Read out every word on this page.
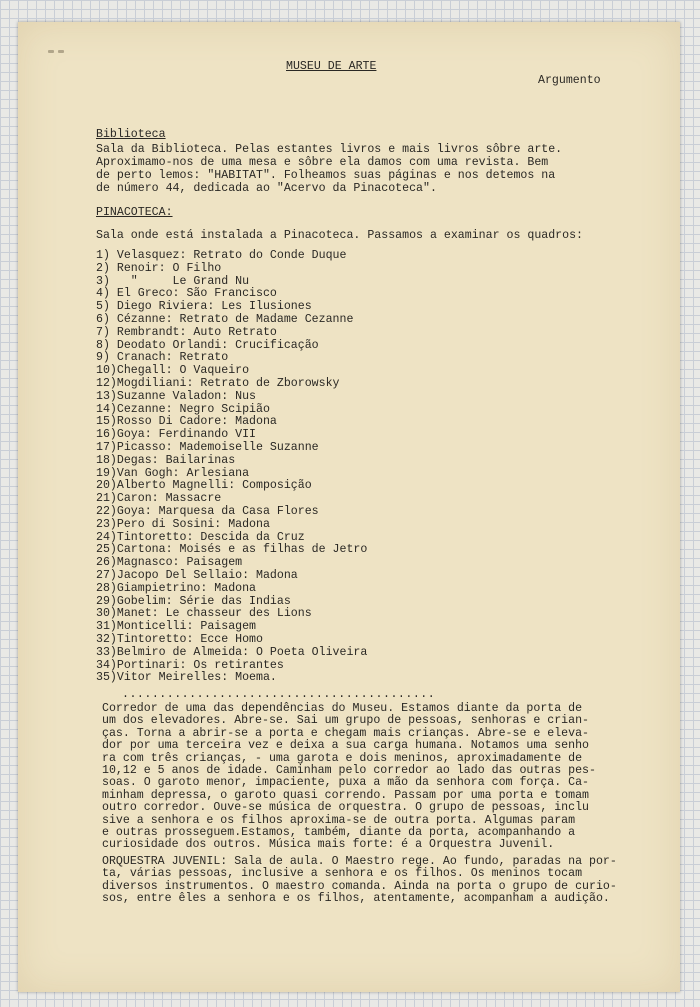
MUSEU DE ARTE
Argumento
Biblioteca
Sala da Biblioteca. Pelas estantes livros e mais livros sôbre arte.
Aproximamo-nos de uma mesa e sôbre ela damos com uma revista. Bem
de perto lemos: "HABITAT". Folheamos suas páginas e nos detemos na
de número 44, dedicada ao "Acervo da Pinacoteca".
PINACOTECA:
Sala onde está instalada a Pinacoteca. Passamos a examinar os quadros:
1) Velasquez: Retrato do Conde Duque
2) Renoir: O Filho
3)   "     Le Grand Nu
4) El Greco: São Francisco
5) Diego Riviera: Les Ilusiones
6) Cézanne: Retrato de Madame Cezanne
7) Rembrandt: Auto Retrato
8) Deodato Orlandi: Crucificação
9) Cranach: Retrato
10)Chegall: O Vaqueiro
12)Mogdiliani: Retrato de Zborowsky
13)Suzanne Valadon: Nus
14)Cezanne: Negro Scipião
15)Rosso Di Cadore: Madona
16)Goya: Ferdinando VII
17)Picasso: Mademoiselle Suzanne
18)Degas: Bailarinas
19)Van Gogh: Arlesiana
20)Alberto Magnelli: Composição
21)Caron: Massacre
22)Goya: Marquesa da Casa Flores
23)Pero di Sosini: Madona
24)Tintoretto: Descida da Cruz
25)Cartona: Moisés e as filhas de Jetro
26)Magnasco: Paisagem
27)Jacopo Del Sellaio: Madona
28)Giampietrino: Madona
29)Gobelim: Série das Indias
30)Manet: Le chasseur des Lions
31)Monticelli: Paisagem
32)Tintoretto: Ecce Homo
33)Belmiro de Almeida: O Poeta Oliveira
34)Portinari: Os retirantes
35)Vitor Meirelles: Moema.
..........................................
Corredor de uma das dependências do Museu. Estamos diante da porta de
um dos elevadores. Abre-se. Sai um grupo de pessoas, senhoras e crian-
ças. Torna a abrir-se a porta e chegam mais crianças. Abre-se e eleva-
dor por uma terceira vez e deixa a sua carga humana. Notamos uma senho
ra com três crianças, - uma garota e dois meninos, aproximadamente de
10,12 e 5 anos de idade. Caminham pelo corredor ao lado das outras pes-
soas. O garoto menor, impaciente, puxa a mão da senhora com força. Ca-
minham depressa, o garoto quasi correndo. Passam por uma porta e tomam
outro corredor. Ouve-se música de orquestra. O grupo de pessoas, inclu
sive a senhora e os filhos aproxima-se de outra porta. Algumas param
e outras prosseguem.Estamos, também, diante da porta, acompanhando a
curiosidade dos outros. Música mais forte: é a Orquestra Juvenil.
ORQUESTRA JUVENIL: Sala de aula. O Maestro rege. Ao fundo, paradas na por-
ta, várias pessoas, inclusive a senhora e os filhos. Os meninos tocam
diversos instrumentos. O maestro comanda. Ainda na porta o grupo de curio-
sos, entre êles a senhora e os filhos, atentamente, acompanham a audição.
